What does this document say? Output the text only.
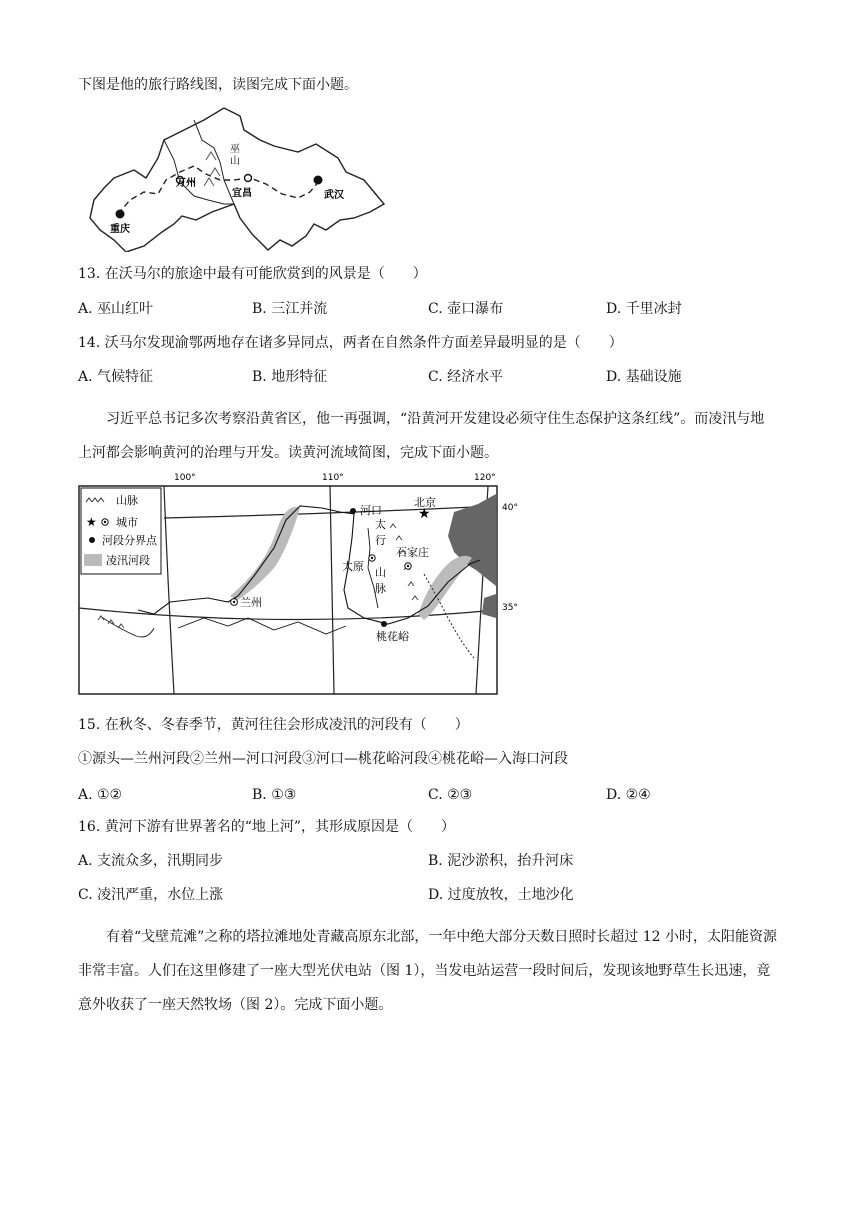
下图是他的旅行路线图，读图完成下面小题。
巫
山
万州
宜昌	武汉
重庆
13. 在沃马尔的旅途中最有可能欣赏到的风景是（　　）
A. 巫山红叶	B. 三江并流	C. 壶口瀑布	D. 千里冰封
14. 沃马尔发现渝鄂两地存在诸多异同点，两者在自然条件方面差异最明显的是（　　）
A. 气候特征	B. 地形特征	C. 经济水平	D. 基础设施
习近平总书记多次考察沿黄省区，他一再强调，“沿黄河开发建设必须守住生态保护这条红线”。而凌汛与地上河都会影响黄河的治理与开发。读黄河流域简图，完成下面小题。
100°	110°	120°
40°
35°
山脉
★ 城市
河段分界点
凌汛河段
河口	★
北京
太
行
山
脉
太原
石家庄
兰州
桃花峪
15. 在秋冬、冬春季节，黄河往往会形成凌汛的河段有（　　）
①源头—兰州河段②兰州—河口河段③河口—桃花峪河段④桃花峪—入海口河段
A. ①②	B. ①③	C. ②③	D. ②④
16. 黄河下游有世界著名的“地上河”，其形成原因是（　　）
A. 支流众多，汛期同步	B. 泥沙淤积，抬升河床
C. 凌汛严重，水位上涨	D. 过度放牧，土地沙化
有着“戈壁荒滩”之称的塔拉滩地处青藏高原东北部，一年中绝大部分天数日照时长超过 12 小时，太阳能资源非常丰富。人们在这里修建了一座大型光伏电站（图 1），当发电站运营一段时间后，发现该地野草生长迅速，竟意外收获了一座天然牧场（图 2）。完成下面小题。
